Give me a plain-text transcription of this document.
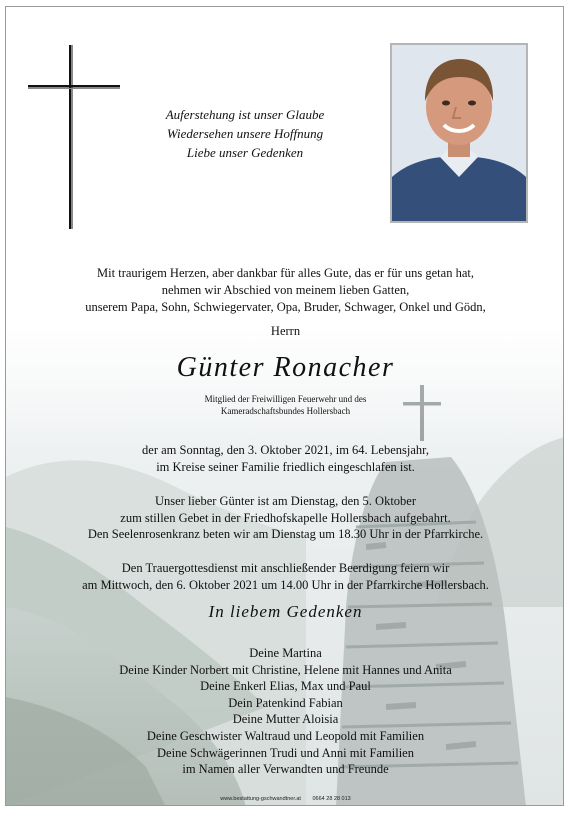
Auferstehung ist unser Glaube
Wiedersehen unsere Hoffnung
Liebe unser Gedenken
Mit traurigem Herzen, aber dankbar für alles Gute, das er für uns getan hat,
nehmen wir Abschied von meinem lieben Gatten,
unserem Papa, Sohn, Schwiegervater, Opa, Bruder, Schwager, Onkel und Gödn,
Herrn
Günter Ronacher
Mitglied der Freiwilligen Feuerwehr und des
Kameradschaftsbundes Hollersbach
der am Sonntag, den 3. Oktober 2021, im 64. Lebensjahr,
im Kreise seiner Familie friedlich eingeschlafen ist.
Unser lieber Günter ist am Dienstag, den 5. Oktober
zum stillen Gebet in der Friedhofskapelle Hollersbach aufgebahrt.
Den Seelenrosenkranz beten wir am Dienstag um 18.30 Uhr in der Pfarrkirche.
Den Trauergottesdienst mit anschließender Beerdigung feiern wir
am Mittwoch, den 6. Oktober 2021 um 14.00 Uhr in der Pfarrkirche Hollersbach.
In liebem Gedenken
Deine Martina
Deine Kinder Norbert mit Christine, Helene mit Hannes und Anita
Deine Enkerl Elias, Max und Paul
Dein Patenkind Fabian
Deine Mutter Aloisia
Deine Geschwister Waltraud und Leopold mit Familien
Deine Schwägerinnen Trudi und Anni mit Familien
im Namen aller Verwandten und Freunde
www.bestattung-gschwandtner.at 0664 28 28 013
